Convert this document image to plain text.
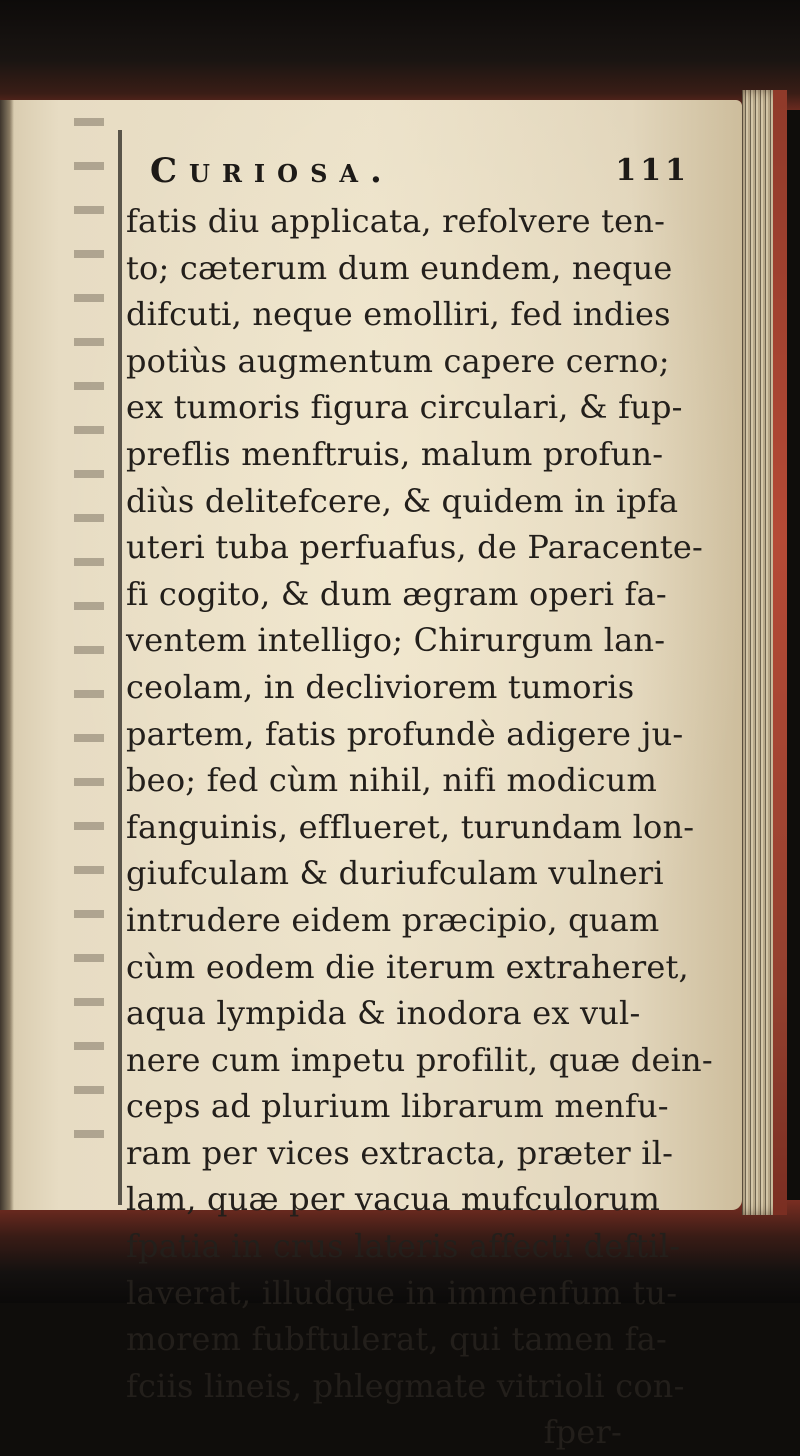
Curiosa.	111
fatis diu applicata, refolvere ten-
to; cæterum dum eundem, neque
difcuti, neque emolliri, fed indies
potiùs augmentum capere cerno;
ex tumoris figura circulari, & fup-
preflis menftruis, malum profun-
diùs delitefcere, & quidem in ipfa
uteri tuba perfuafus, de Paracente-
fi cogito, & dum ægram operi fa-
ventem intelligo; Chirurgum lan-
ceolam, in decliviorem tumoris
partem, fatis profundè adigere ju-
beo; fed cùm nihil, nifi modicum
fanguinis, efflueret, turundam lon-
giufculam & duriufculam vulneri
intrudere eidem præcipio, quam
cùm eodem die iterum extraheret,
aqua lympida & inodora ex vul-
nere cum impetu profilit, quæ dein-
ceps ad plurium librarum menfu-
ram per vices extracta, præter il-
lam, quæ per vacua mufculorum
fpatia in crus lateris affecti deftil-
laverat, illudque in immenfum tu-
morem fubftulerat, qui tamen fa-
fciis lineis, phlegmate vitrioli con-
fper-
